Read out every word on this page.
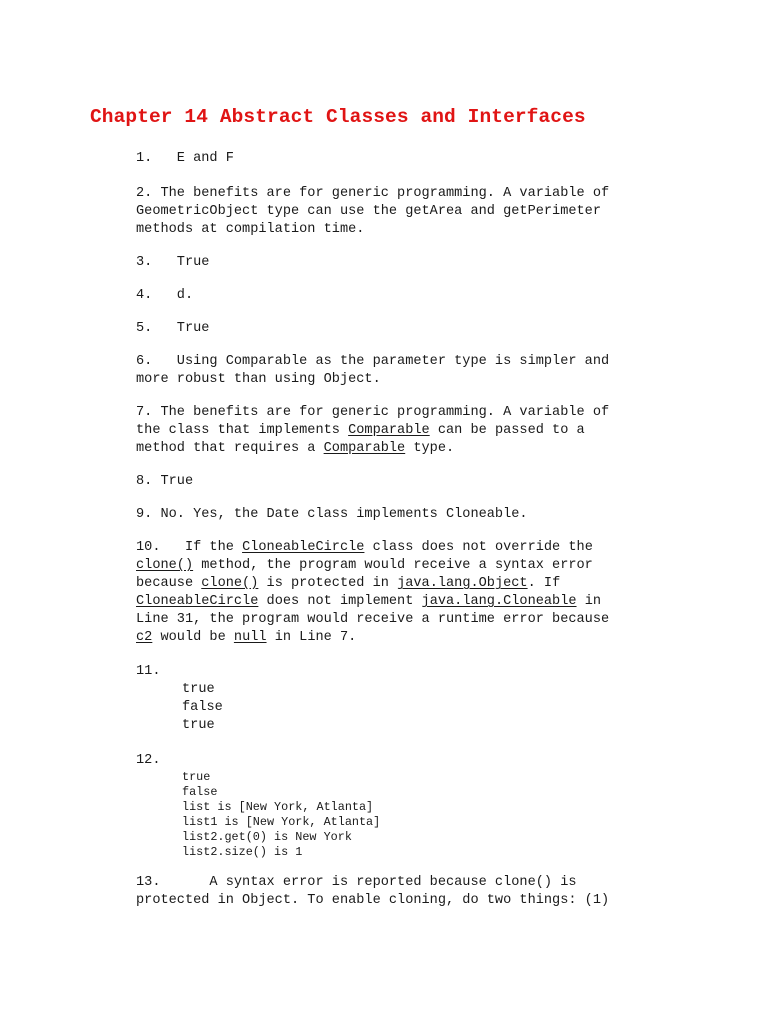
Chapter 14 Abstract Classes and Interfaces
1.   E and F
2. The benefits are for generic programming. A variable of
GeometricObject type can use the getArea and getPerimeter
methods at compilation time.
3.   True
4.   d.
5.   True
6.   Using Comparable as the parameter type is simpler and
more robust than using Object.
7. The benefits are for generic programming. A variable of
the class that implements Comparable can be passed to a
method that requires a Comparable type.
8. True
9. No. Yes, the Date class implements Cloneable.
10.   If the CloneableCircle class does not override the
clone() method, the program would receive a syntax error
because clone() is protected in java.lang.Object. If
CloneableCircle does not implement java.lang.Cloneable in
Line 31, the program would receive a runtime error because
c2 would be null in Line 7.
11.
true
false
true
12.
true
false
list is [New York, Atlanta]
list1 is [New York, Atlanta]
list2.get(0) is New York
list2.size() is 1
13.      A syntax error is reported because clone() is
protected in Object. To enable cloning, do two things: (1)
